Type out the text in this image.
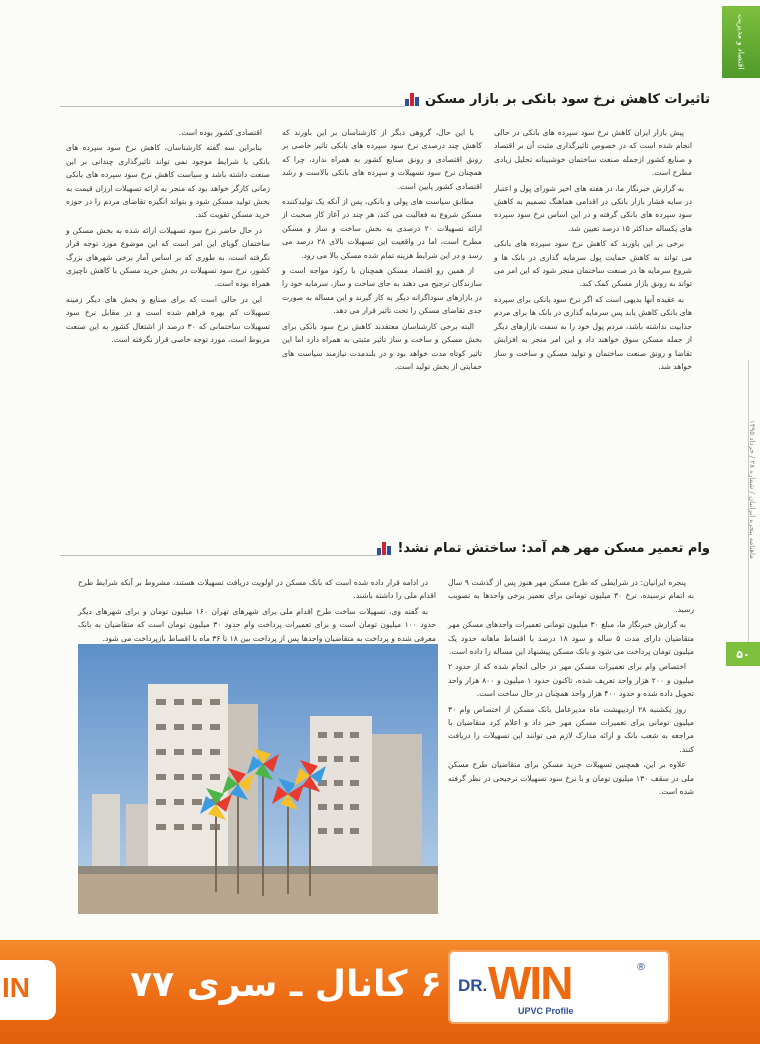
اقتصاد و مدیریت
ماهنامه پنجره ایرانیان / شماره ۲۸ / خرداد ۱۳۹۵
۵۰
تاثیرات کاهش نرخ سود بانکی بر بازار مسکن

پیش بازار ایران کاهش نرخ سود سپرده های بانکی در حالی انجام شده است که در خصوص تاثیرگذاری مثبت آن بر اقتصاد و صنایع کشور ازجمله صنعت ساختمان خوشبینانه تحلیل زیادی مطرح است.

به گزارش خبرنگار ما، در هفته های اخیر شورای پول و اعتبار در سایه فشار بازار بانکی در اقدامی هماهنگ تصمیم به کاهش سود سپرده های بانکی گرفته و در این اساس نرخ سود سپرده های یکساله حداکثر ۱۵ درصد تعیین شد.

برخی بر این باورند که کاهش نرخ سود سپرده های بانکی می تواند به کاهش حمایت پول سرمایه گذاری در بانک ها و شروع سرمایه ها در صنعت ساختمان منجر شود که این امر می تواند به رونق بازار مسکن کمک کند.

به عقیده آنها بدیهی است که اگر نرخ سود بانکی برای سپرده های بانکی کاهش یابد پس سرمایه گذاری در بانک ها برای مردم جذابیت نداشته باشد، مردم پول خود را به سمت بازارهای دیگر از جمله مسکن سوق خواهند داد و این امر منجر به افزایش تقاضا و رونق صنعت ساختمان و تولید مسکن و ساخت و ساز خواهد شد.

با این حال، گروهی دیگر از کارشناسان بر این باورند که کاهش چند درصدی نرخ سود سپرده های بانکی تاثیر خاصی بر رونق اقتصادی و رونق صنایع کشور به همراه ندارد، چرا که همچنان نرخ سود تسهیلات و سپرده های بانکی بالاست و رشد اقتصادی کشور پایین است.

مطابق سیاست های پولی و بانکی، پس از آنکه یک تولیدکننده مسکن شروع به فعالیت می کند، هر چند در آغاز کار صحبت از ارائه تسهیلات ۲۰ درصدی به بخش ساخت و ساز و مسکن مطرح است، اما در واقعیت این تسهیلات بالای ۲۸ درصد می رسد و در این شرایط هزینه تمام شده مسکن بالا می رود.

از همین رو اقتصاد مسکن همچنان با رکود مواجه است و سازندگان ترجیح می دهند به جای ساخت و ساز، سرمایه خود را در بازارهای سوداگرانه دیگر به کار گیرند و این مساله به صورت جدی تقاضای مسکن را تحت تاثیر قرار می دهد.

البته برخی کارشناسان معتقدند کاهش نرخ سود بانکی برای بخش مسکن و ساخت و ساز تاثیر مثبتی به همراه دارد اما این تاثیر کوتاه مدت خواهد بود و در بلندمدت نیازمند سیاست های حمایتی از بخش تولید است.

اقتصادی کشور بوده است.

بنابراین سه گفته کارشناسان، کاهش نرخ سود سپرده های بانکی با شرایط موجود نمی تواند تاثیرگذاری چندانی بر این صنعت داشته باشد و سیاست کاهش نرخ سود سپرده های بانکی زمانی کارگر خواهد بود که منجر به ارائه تسهیلات ارزان قیمت به بخش تولید مسکن شود و بتواند انگیزه تقاضای مردم را در حوزه خرید مسکن تقویت کند.

در حال حاضر نرخ سود تسهیلات ارائه شده به بخش مسکن و ساختمان گویای این امر است که این موضوع مورد توجه قرار نگرفته است، به طوری که بر اساس آمار برخی شهرهای بزرگ کشور، نرخ سود تسهیلات در بخش خرید مسکن با کاهش ناچیزی همراه بوده است.

این در حالی است که برای صنایع و بخش های دیگر زمینه تسهیلات کم بهره فراهم شده است و در مقابل نرخ سود تسهیلات ساختمانی که ۳۰ درصد از اشتغال کشور به این صنعت مربوط است، مورد توجه خاصی قرار نگرفته است.

وام تعمیر مسکن مهر هم آمد: ساختش تمام نشد!

پنجره ایرانیان: در شرایطی که طرح مسکن مهر هنوز پس از گذشت ۹ سال به اتمام نرسیده، نرخ ۳۰ میلیون تومانی برای تعمیر برخی واحدها به تصویب رسید.

به گزارش خبرنگار ما، مبلغ ۳۰ میلیون تومانی تعمیرات واحدهای مسکن مهر متقاضیان دارای مدت ۵ ساله و سود ۱۸ درصد با اقساط ماهانه حدود یک میلیون تومان پرداخت می شود و بانک مسکن پیشنهاد این مساله را داده است.

اختصاص وام برای تعمیرات مسکن مهر در حالی انجام شده که از حدود ۲ میلیون و ۲۰۰ هزار واحد تعریف شده، تاکنون حدود ۱ میلیون و ۸۰۰ هزار واحد تحویل داده شده و حدود ۴۰۰ هزار واحد همچنان در حال ساخت است.

روز یکشنبه ۲۸ اردیبهشت ماه مدیرعامل بانک مسکن از اختصاص وام ۳۰ میلیون تومانی برای تعمیرات مسکن مهر خبر داد و اعلام کرد متقاضیان با مراجعه به شعب بانک و ارائه مدارک لازم می توانند این تسهیلات را دریافت کنند.

علاوه بر این، همچنین تسهیلات خرید مسکن برای متقاضیان طرح مسکن ملی در سقف ۱۳۰ میلیون تومان و با نرخ سود تسهیلات ترجیحی در نظر گرفته شده است.

در ادامه قرار داده شده است که بانک مسکن در اولویت دریافت تسهیلات هستند، مشروط بر آنکه شرایط طرح اقدام ملی را داشته باشند.

به گفته وی، تسهیلات ساخت طرح اقدام ملی برای شهرهای تهران ۱۶۰ میلیون تومان و برای شهرهای دیگر حدود ۱۰۰ میلیون تومان است و برای تعمیرات پرداخت وام حدود ۳۰ میلیون تومان است که متقاضیان به بانک معرفی شده و پرداخت به متقاضیان واحدها پس از پرداخت بین ۱۸ تا ۳۶ ماه با اقساط بازپرداخت می شود.

IN	۶ کانال ـ سری ۷۷ DR. WIN	®
UPVC Profile
